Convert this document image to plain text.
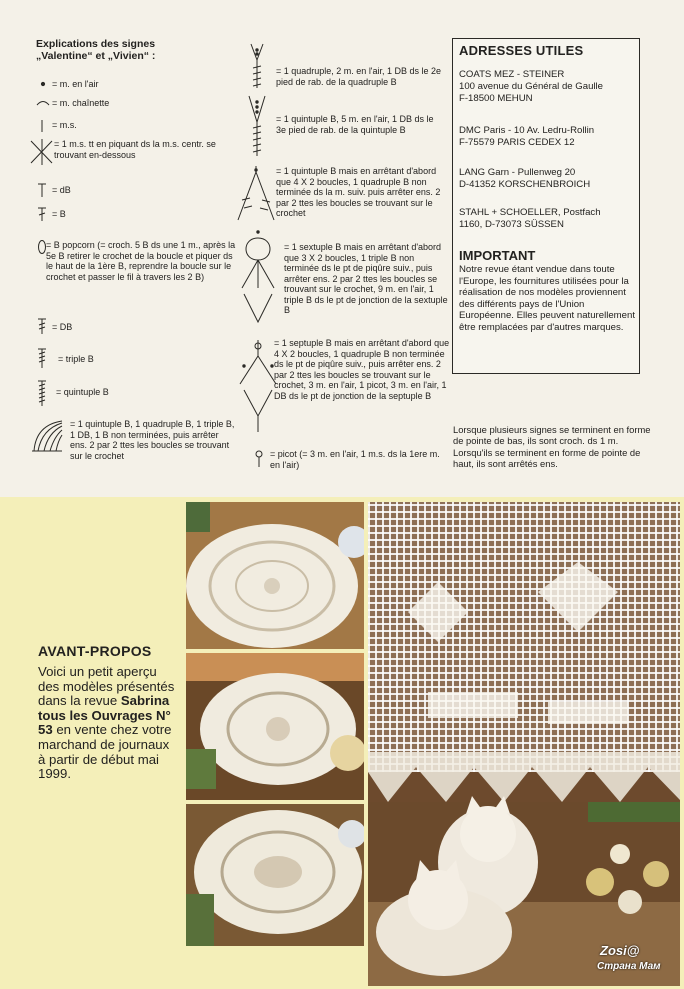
Explications des signes
„Valentine“ et „Vivien“ :
= m. en l'air
= m. chaînette
= m.s.
= 1 m.s. tt en piquant ds la m.s. centr. se trouvant en-dessous
= dB
= B
= B popcorn (= croch. 5 B ds une 1 m., après la 5e B retirer le crochet de la boucle et piquer ds le haut de la 1ère B, reprendre la boucle sur le crochet et passer le fil à travers les 2 B)
= DB
= triple B
= quintuple B
= 1 quintuple B, 1 quadruple B, 1 triple B, 1 DB, 1 B non terminées, puis arrêter ens. 2 par 2 ttes les boucles se trouvant sur le crochet
= 1 quadruple, 2 m. en l'air, 1 DB ds le 2e pied de rab. de la quadruple B
= 1 quintuple B, 5 m. en l'air, 1 DB ds le 3e pied de rab. de la quintuple B
= 1 quintuple B mais en arrêtant d'abord que 4 X 2 boucles, 1 quadruple B non terminée ds la m. suiv. puis arrêter ens. 2 par 2 ttes les boucles se trouvant sur le crochet
= 1 sextuple B mais en arrêtant d'abord que 3 X 2 boucles, 1 triple B non terminée ds le pt de piqûre suiv., puis arrêter ens. 2 par 2 ttes les boucles se trouvant sur le crochet, 9 m. en l'air, 1 triple B ds le pt de jonction de la sextuple B
= 1 septuple B mais en arrêtant d'abord que 4 X 2 boucles, 1 quadruple B non terminée ds le pt de piqûre suiv., puis arrêter ens. 2 par 2 ttes les boucles se trouvant sur le crochet, 3 m. en l'air, 1 picot, 3 m. en l'air, 1 DB ds le pt de jonction de la septuple B
= picot (= 3 m. en l'air, 1 m.s. ds la 1ere m. en l'air)
ADRESSES UTILES
COATS MEZ - STEINER
100 avenue du Général de Gaulle
F-18500 MEHUN
DMC Paris - 10 Av. Ledru-Rollin
F-75579 PARIS CEDEX 12
LANG Garn - Pullenweg 20
D-41352 KORSCHENBROICH
STAHL + SCHOELLER, Postfach
1160, D-73073 SÜSSEN
IMPORTANT
Notre revue étant vendue dans toute l'Europe, les fournitures utilisées pour la réalisation de nos modèles proviennent des différents pays de l'Union Européenne. Elles peuvent naturellement être remplacées par d'autres marques.
Lorsque plusieurs signes se terminent en forme de pointe de bas, ils sont croch. ds 1 m. Lorsqu'ils se terminent en forme de pointe de haut, ils sont arrêtés ens.
AVANT-PROPOS
Voici un petit aperçu des modèles présentés dans la revue Sabrina tous les Ouvrages N° 53 en vente chez votre marchand de journaux à partir de début mai 1999.
Zosi@
Страна Мам
